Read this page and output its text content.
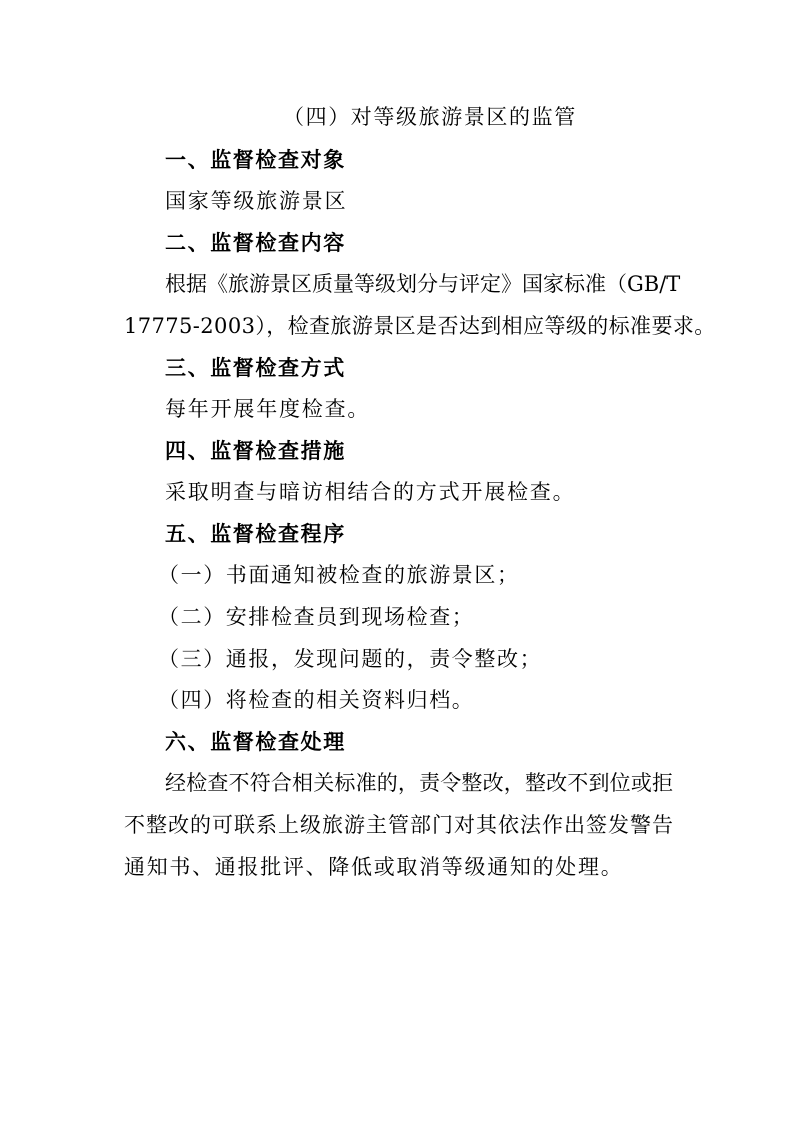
（四）对等级旅游景区的监管
一、监督检查对象

国家等级旅游景区

二、监督检查内容

根据《旅游景区质量等级划分与评定》国家标准（GB/T

17775-2003），检查旅游景区是否达到相应等级的标准要求。

三、监督检查方式

每年开展年度检查。

四、监督检查措施

采取明查与暗访相结合的方式开展检查。

五、监督检查程序

（一）书面通知被检查的旅游景区；

（二）安排检查员到现场检查；

（三）通报，发现问题的，责令整改；

（四）将检查的相关资料归档。

六、监督检查处理

经检查不符合相关标准的，责令整改，整改不到位或拒

不整改的可联系上级旅游主管部门对其依法作出签发警告

通知书、通报批评、降低或取消等级通知的处理。
